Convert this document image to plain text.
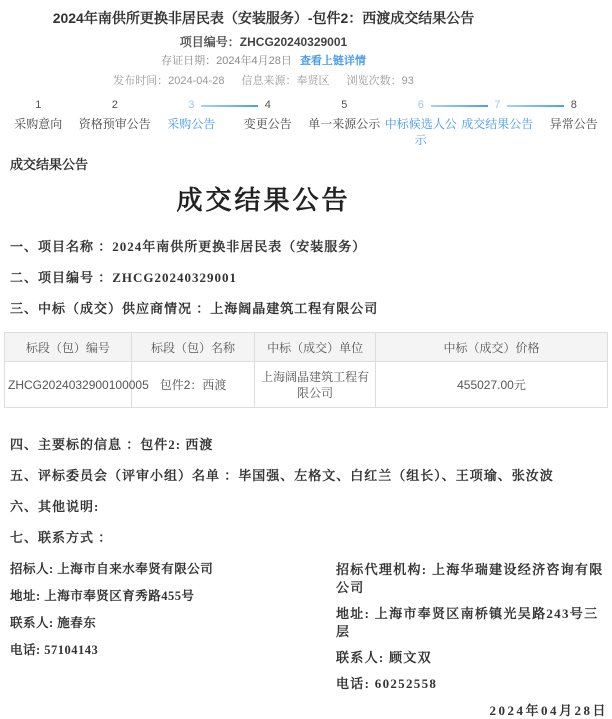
2024年南供所更换非居民表（安装服务）-包件2：西渡成交结果公告
项目编号：ZHCG20240329001
存证日期：2024年4月28日 查看上链详情
发布时间：2024-04-28 信息来源：奉贤区 浏览次数：93
1
采购意向
2
资格预审公告
3
采购公告
4
变更公告
5
单一来源公示
6
中标候选人公示
7
成交结果公告
8
异常公告
成交结果公告
成交结果公告

一、项目名称 ：2024年南供所更换非居民表（安装服务）

二、项目编号 ：ZHCG20240329001

三、中标（成交）供应商情况 ：上海阔晶建筑工程有限公司

标段（包）编号	标段（包）名称	中标（成交）单位	中标（成交）价格
ZHCG2024032900100005	包件2：西渡	上海阔晶建筑工程有限公司	455027.00元

四、主要标的信息 ：包件2: 西渡

五、评标委员会（评审小组）名单 ：毕国强、左格文、白红兰（组长）、王项瑜、张汝波

六、其他说明:

七、联系方式 ：

招标人: 上海市自来水奉贤有限公司
地址: 上海市奉贤区育秀路455号
联系人: 施春东
电话: 57104143
招标代理机构: 上海华瑞建设经济咨询有限公司
地址: 上海市奉贤区南桥镇光吴路243号三层
联系人: 顾文双
电话: 60252558
2024年04月28日
